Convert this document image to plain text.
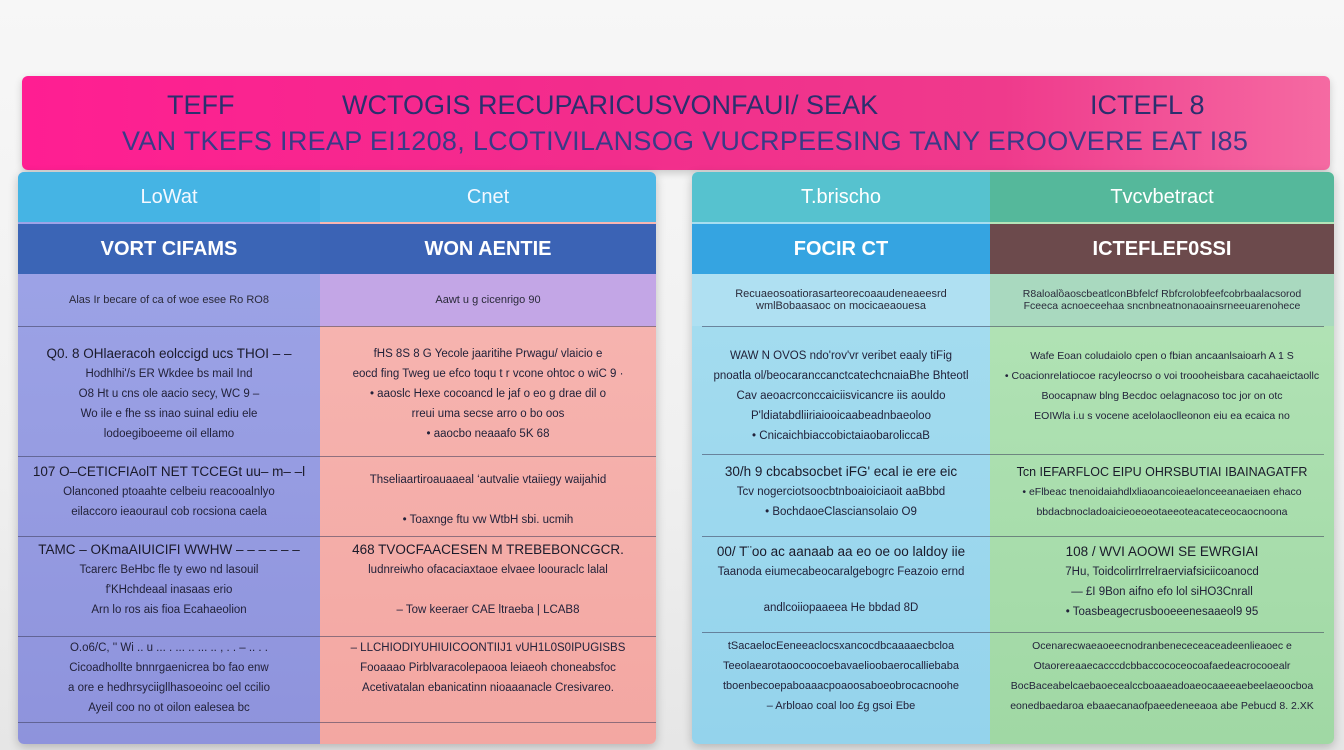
TEFF	WCTOGIS RECUPARICUSVONFAUI/ SEAK	ICTEFL 8
VAN TKEFS IREAP EI1208, LCOTIVILANSOG VUCRPEESING TANY EROOVERE EAT I85
LoWat
VORT CIFAMS
Alas Ir becare of ca of woe esee Ro RO8
Cnet
WON AENTIE
Aawt u g cicenrigo 90
Q0. 8 OHlaeracoh eolccigd ucs THOI – –
Hodhlhi'/s ER Wkdee bs mail Ind
O8 Ht u cns ole aacio secy, WC 9 –
Wo ile e fhe ss inao suinal ediu ele
lodoegiboeeme oil ellamo
fHS 8S 8 G Yecole jaaritihe Prwagu/ vlaicio e
eocd fing Tweg ue efco toqu t r vcone ohtoc o wiC 9 ·
• aaoslc Hexe cocoancd le jaf o eo g drae dil o
rreui uma secse arro o bo oos
• aaocbo neaaafo 5K 68
107 O–CETICFIΑolT NET TCCEGt uu– m– –l
Olanconed ptoaahte celbeiu reacooalnlyo
eilaccoro ieaouraul cob rocsiona caela
Thseliaartiroauaaeal ‘autvalie vtaiiegy waijahid
• Toaxnge ftu vw WtbH sbi. ucmih
TAMC – OKmaAIUICIFI WWHW – – – – – –
Tcarerc BeHbc fle ty ewo nd lasouil
f'KHchdeaal inasaas erio
Arn lo ros ais fioa Ecahaeolion
468 TVOCFAACESEN M TREBEBONCGCR.
ludnreiwho ofacaciaxtaoe elvaee loouraclc lalal
– Tow keeraer CAE ltraeba | LCAB8
O.o6/C, '' Wi .. u ... . ... .. ... .. , . . – .. . .
Cicoadhollte bnnrgaenicrea bo fao enw
a ore e hedhrsyciigllhasoeoinc oel ccilio
Ayeil coo no ot oilon ealesea bc
– LLCHIODIYUHIUICOONTIIJ1 vUH1L0S0IPUGISBS
Fooaaao Pirblvaracolepaooa leiaeoh choneabsfoc
Acetivatalan ebanicatinn nioaaanacle Cresivareo.
T.brischo
FOCIR CT
Recuaeosoatiorasarteorecoaaudeneaeesrd
wmlBobaasaoc on mocicaeaouesa
Tvcvbetract
ICTEFLEF0SSI
R8aloalồaoscbeatlconBbfelcf Rbfcrolobfeefcobrbaalacsorod
Fceeca acnoeceehaa sncnbneatnonaoainsrneeuarenohece
WAW N OVOS ndo'rov'vr veribet eaaly tiFig
pnoatla ol/beocaranccanctcatechcnaiaBhe Bhteotl
Cav aeoacrconccaiciisvicancre iis aouldo
P'ldiatabdliiriaiooicaabeadnbaeoloo
• CnicaichbiaccobictaiaobaroliccaB
Wafe Eoan coludaiolo cpen o fbian ancaanlsaioarh A 1 S
• Coacionrelatiocoe racyleocrso o voi troooheisbara cacahaeictaollc
Boocapnaw blng Becdoc oelagnacoso toc jor on otc
EOIWla i.u s vocene acelolaoclleonon eiu ea ecaica no
30/h 9 cbcabsocbet iFG' ecal ie ere eic
Tcv nogerciotsoocbtnboaioiciaoit aaBbbd
• BochdaoeClasciansolaio O9
Tcn IEFARFLOC EIPU OHRSBUTIAI IBAINAGATFR
• eFlbeac tnenoidaiahdlxliaoancoieaelonceeanaeiaen ehaco
bbdacbnocladoaicieoeoeotaeeoteacateceocaocnoona
00/ T¨oo ac aanaab aa eo oe oo laldoy iie
Taanoda eiumecabeocaralgebogrc Feazoio ernd
andlcoiiopaaeea He bbdad 8D
108 / WVI AOOWI SE EWRGIAI
7Hu, Toidcolirrlrrelraerviafsiciicoanocd
— £I 9Bon aifno efo lol siHO3Cnrall
• Toasbeagecrusbooeeenesaaeol9 95
tSacaelocEeneeaclocsxancocdbcaaaaecbcloa
Teeolaearotaoocoocoebavaelioobaerocalliebaba
tboenbecoepaboaaacpoaoosaboeobrocacnoohe
– Arbloao coal loo £g gsoi Ebe
Ocenarecwaeaoeecnodranbenececeaceadeenlieaoec e
Otaorereaaecacccdcbbaccococeocoafaedeacrocooealr
BocBaceabelcaebaoecealccboaaeadoaeocaaeeaebeelaeoocboa
eonedbaedaroa ebaaecanaofpaeedeneeaoa abe Pebucd 8. 2.XK
